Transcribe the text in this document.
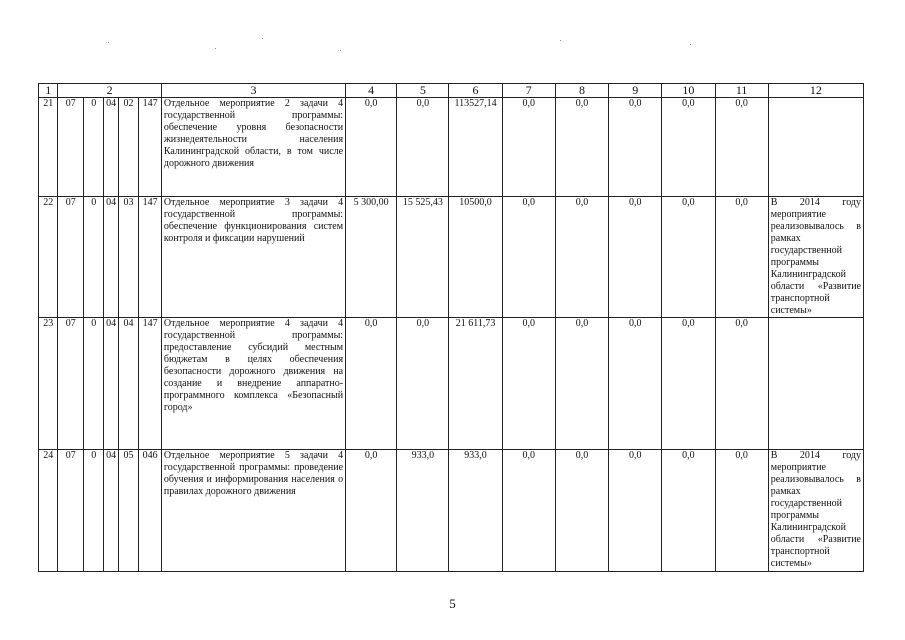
1	2					3	4	5	6	7	8	9	10	11	12
21	07	0	04	02	147	Отдельное мероприятие 2 задачи 4 государственной программы: обеспечение уровня безопасности жизнедеятельности населения Калининградской области, в том числе дорожного движения	0,0	0,0	113527,14	0,0	0,0	0,0	0,0	0,0	
22	07	0	04	03	147	Отдельное мероприятие 3 задачи 4 государственной программы: обеспечение функционирования систем контроля и фиксации нарушений	5 300,00	15 525,43	10500,0	0,0	0,0	0,0	0,0	0,0	В 2014 году мероприятие реализовывалось в рамках государственной программы Калининградской области «Развитие транспортной системы»
23	07	0	04	04	147	Отдельное мероприятие 4 задачи 4 государственной программы: предоставление субсидий местным бюджетам в целях обеспечения безопасности дорожного движения на создание и внедрение аппаратно-программного комплекса «Безопасный город»	0,0	0,0	21 611,73	0,0	0,0	0,0	0,0	0,0	
24	07	0	04	05	046	Отдельное мероприятие 5 задачи 4 государственной программы: проведение обучения и информирования населения о правилах дорожного движения	0,0	933,0	933,0	0,0	0,0	0,0	0,0	0,0	В 2014 году мероприятие реализовывалось в рамках государственной программы Калининградской области «Развитие транспортной системы»
5
